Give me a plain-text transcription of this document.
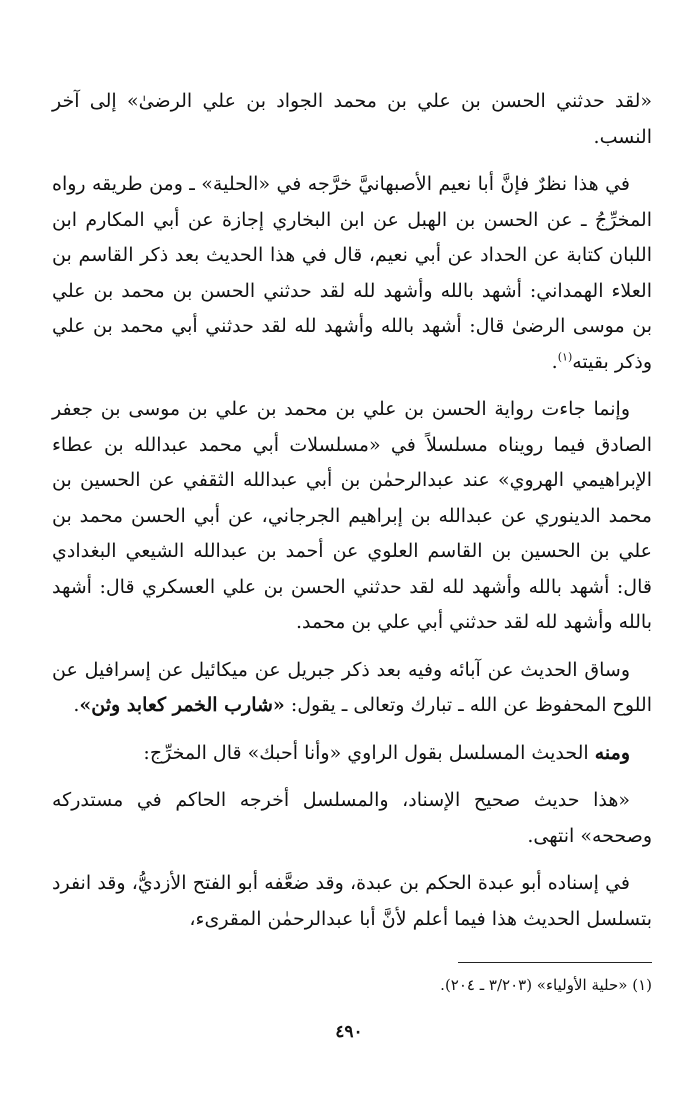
«لقد حدثني الحسن بن علي بن محمد الجواد بن علي الرضىٰ» إلى آخر النسب.

في هذا نظرٌ فإنَّ أبا نعيم الأصبهانيَّ خرَّجه في «الحلية» ـ ومن طريقه رواه المخرِّجُ ـ عن الحسن بن الهبل عن ابن البخاري إجازة عن أبي المكارم ابن اللبان كتابة عن الحداد عن أبي نعيم، قال في هذا الحديث بعد ذكر القاسم بن العلاء الهمداني: أشهد بالله وأشهد لله لقد حدثني الحسن بن محمد بن علي بن موسى الرضىٰ قال: أشهد بالله وأشهد لله لقد حدثني أبي محمد بن علي وذكر بقيته$^{(١)}$.

وإنما جاءت رواية الحسن بن علي بن محمد بن علي بن موسى بن جعفر الصادق فيما رويناه مسلسلاً في «مسلسلات أبي محمد عبدالله بن عطاء الإبراهيمي الهروي» عند عبدالرحمٰن بن أبي عبدالله الثقفي عن الحسين بن محمد الدينوري عن عبدالله بن إبراهيم الجرجاني، عن أبي الحسن محمد بن علي بن الحسين بن القاسم العلوي عن أحمد بن عبدالله الشيعي البغدادي قال: أشهد بالله وأشهد لله لقد حدثني الحسن بن علي العسكري قال: أشهد بالله وأشهد لله لقد حدثني أبي علي بن محمد.

وساق الحديث عن آبائه وفيه بعد ذكر جبريل عن ميكائيل عن إسرافيل عن اللوح المحفوظ عن الله ـ تبارك وتعالى ـ يقول: «شارب الخمر كعابد وثن».

ومنه الحديث المسلسل بقول الراوي «وأنا أحبك» قال المخرِّج:

«هذا حديث صحيح الإسناد، والمسلسل أخرجه الحاكم في مستدركه وصححه» انتهى.

في إسناده أبو عبدة الحكم بن عبدة، وقد ضعَّفه أبو الفتح الأزديُّ، وقد انفرد بتسلسل الحديث هذا فيما أعلم لأنَّ أبا عبدالرحمٰن المقرىء،

(١) «حلية الأولياء» (٣/٢٠٣ ـ ٢٠٤).
٤٩٠
